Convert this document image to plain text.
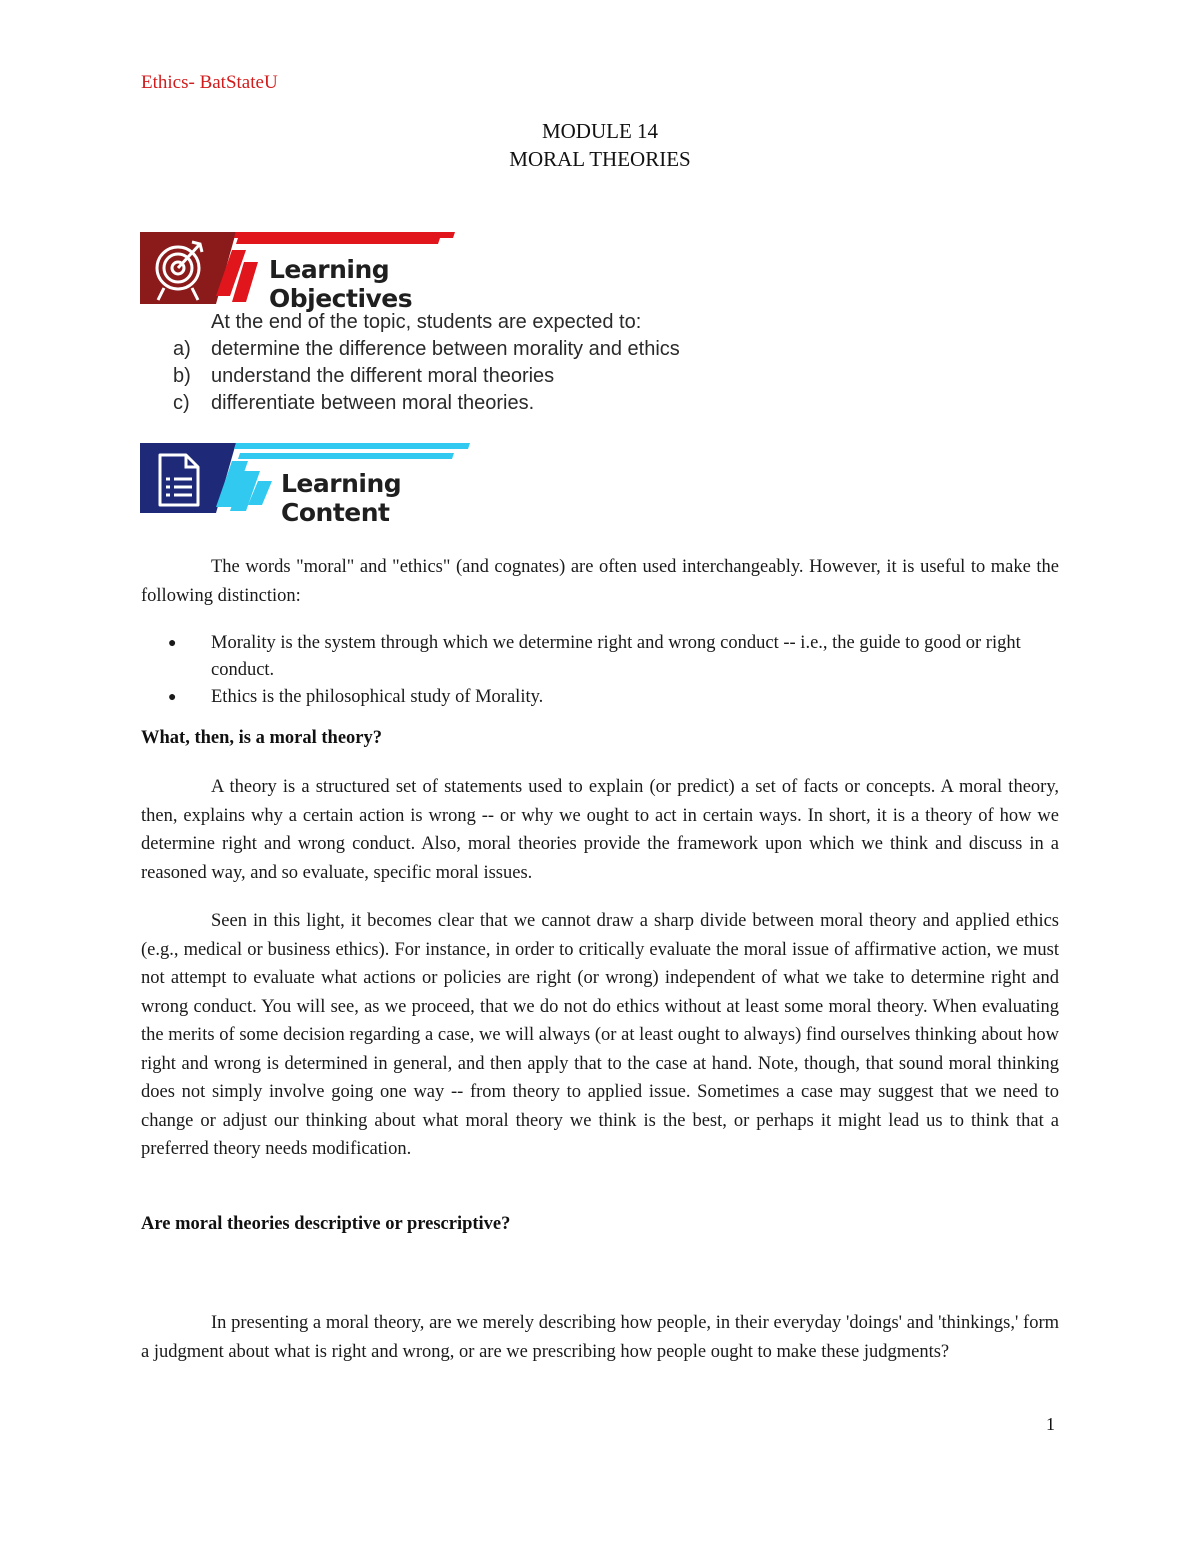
Ethics- BatStateU
MODULE 14
MORAL THEORIES
Learning Objectives
At the end of the topic, students are expected to:
a)	determine the difference between morality and ethics
b)	understand the different moral theories
c)	differentiate between moral theories.
Learning Content
The words "moral" and "ethics" (and cognates) are often used interchangeably. However, it is useful to make the following distinction:
●	Morality is the system through which we determine right and wrong conduct -- i.e., the guide to good or right conduct.
●	Ethics is the philosophical study of Morality.
What, then, is a moral theory?
A theory is a structured set of statements used to explain (or predict) a set of facts or concepts. A moral theory, then, explains why a certain action is wrong -- or why we ought to act in certain ways. In short, it is a theory of how we determine right and wrong conduct. Also, moral theories provide the framework upon which we think and discuss in a reasoned way, and so evaluate, specific moral issues.
Seen in this light, it becomes clear that we cannot draw a sharp divide between moral theory and applied ethics (e.g., medical or business ethics). For instance, in order to critically evaluate the moral issue of affirmative action, we must not attempt to evaluate what actions or policies are right (or wrong) independent of what we take to determine right and wrong conduct. You will see, as we proceed, that we do not do ethics without at least some moral theory. When evaluating the merits of some decision regarding a case, we will always (or at least ought to always) find ourselves thinking about how right and wrong is determined in general, and then apply that to the case at hand. Note, though, that sound moral thinking does not simply involve going one way -- from theory to applied issue. Sometimes a case may suggest that we need to change or adjust our thinking about what moral theory we think is the best, or perhaps it might lead us to think that a preferred theory needs modification.
Are moral theories descriptive or prescriptive?
In presenting a moral theory, are we merely describing how people, in their everyday 'doings' and 'thinkings,' form a judgment about what is right and wrong, or are we prescribing how people ought to make these judgments?
1
